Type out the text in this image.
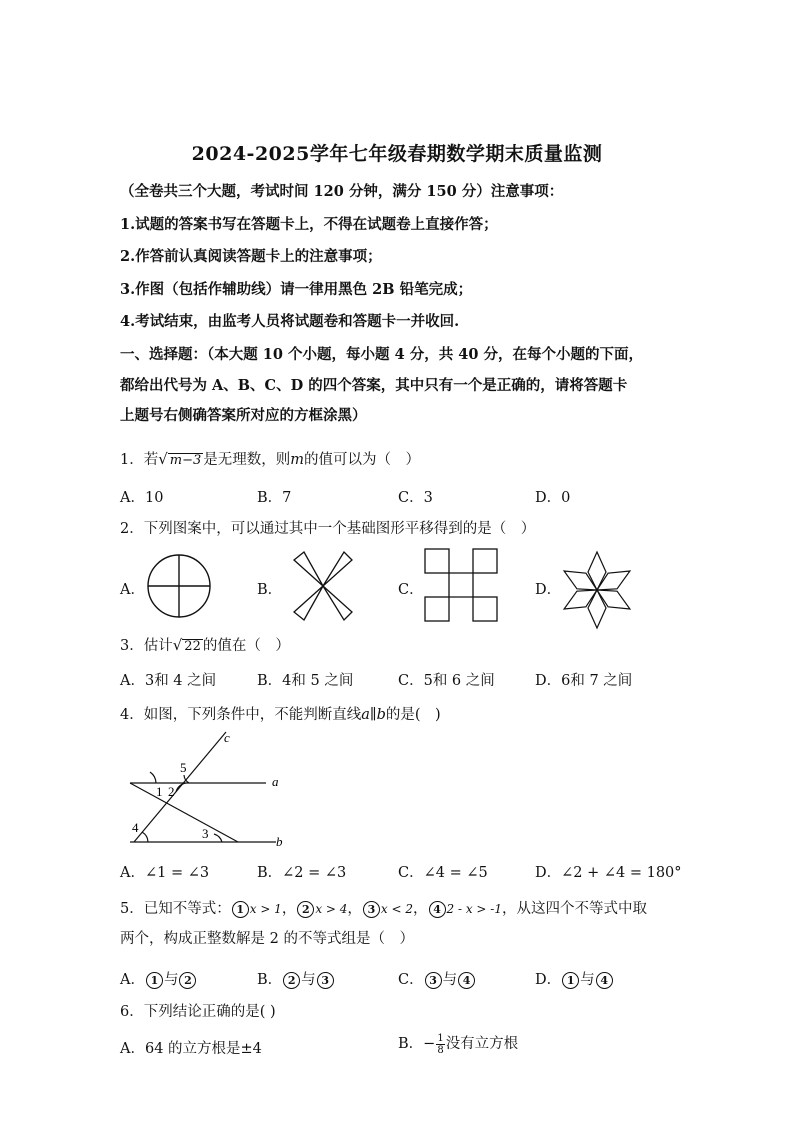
2024-2025学年七年级春期数学期末质量监测
（全卷共三个大题，考试时间 120 分钟，满分 150 分）注意事项：
1.试题的答案书写在答题卡上，不得在试题卷上直接作答；
2.作答前认真阅读答题卡上的注意事项；
3.作图（包括作辅助线）请一律用黑色 2B 铅笔完成；
4.考试结束，由监考人员将试题卷和答题卡一并收回.
一、选择题：（本大题 10 个小题，每小题 4 分，共 40 分，在每个小题的下面，
都给出代号为 A、B、C、D 的四个答案，其中只有一个是正确的，请将答题卡
上题号右侧确答案所对应的方框涂黑）
1．若√ m−3 是无理数，则m的值可以为（　）
A．10	B．7	C．3	D．0
2．下列图案中，可以通过其中一个基础图形平移得到的是（　）
A．	B．	C．	D．
3．估计√ 22 的值在（　）
A．3和 4 之间	B．4和 5 之间	C．5和 6 之间	D．6和 7 之间
4．如图，下列条件中，不能判断直线a∥b的是(　)
c
a
b
5
1 2
4	3
A．∠1 = ∠3	B．∠2 = ∠3	C．∠4 = ∠5	D．∠2 + ∠4 = 180°
5．已知不等式： 1 x > 1， 2 x > 4， 3 x < 2， 4 2 - x > -1，从这四个不等式中取
两个，构成正整数解是 2 的不等式组是（　）
A． 1 与 2	B． 2 与 3	C． 3 与 4	D． 1 与 4
6．下列结论正确的是( )
A．64 的立方根是±4	B．− $\frac{1}{8}$ 没有立方根
